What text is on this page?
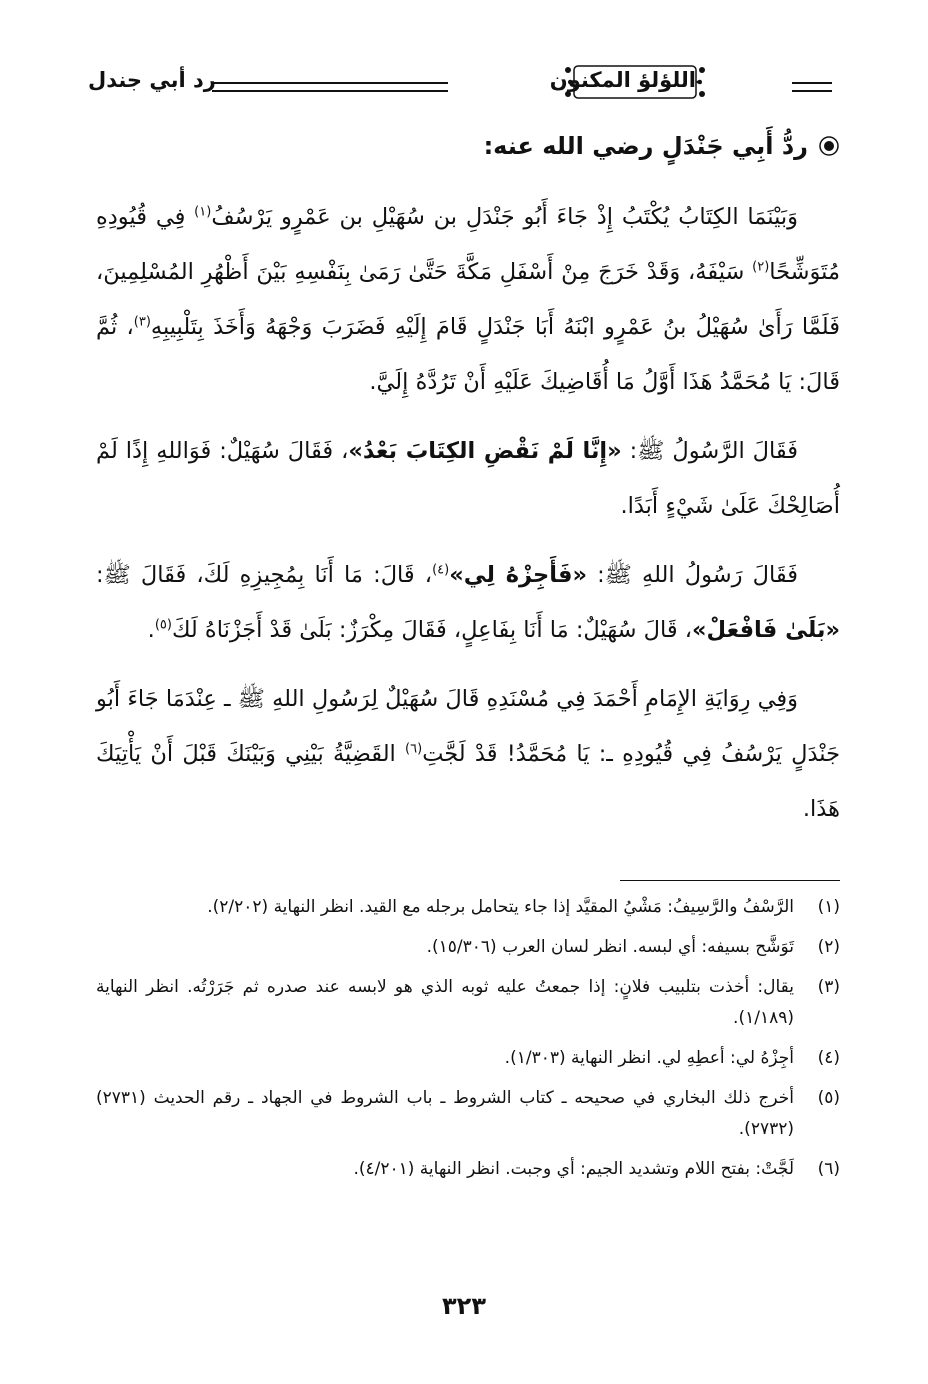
اللؤلؤ المكنون
رد أبي جندل
ردُّ أَبِي جَنْدَلٍ رضي الله عنه:

وَبَيْنَمَا الكِتَابُ يُكْتَبُ إِذْ جَاءَ أَبُو جَنْدَلِ بن سُهَيْلِ بن عَمْرٍو يَرْسُفُ$^{(١)}$ فِي قُيُودِهِ مُتَوَشِّحًا$^{(٢)}$ سَيْفَهُ، وَقَدْ خَرَجَ مِنْ أَسْفَلِ مَكَّةَ حَتَّىٰ رَمَىٰ بِنَفْسِهِ بَيْنَ أَظْهُرِ المُسْلِمِينَ، فَلَمَّا رَأَىٰ سُهَيْلُ بنُ عَمْرٍو ابْنَهُ أَبَا جَنْدَلٍ قَامَ إِلَيْهِ فَضَرَبَ وَجْهَهُ وَأَخَذَ بِتَلْبِيبِهِ$^{(٣)}$، ثُمَّ قَالَ: يَا مُحَمَّدُ هَذَا أَوَّلُ مَا أُقَاضِيكَ عَلَيْهِ أَنْ تَرُدَّهُ إِلَيَّ.

فَقَالَ الرَّسُولُ ﷺ: «إِنَّا لَمْ نَقْضِ الكِتَابَ بَعْدُ»، فَقَالَ سُهَيْلٌ: فَوَاللهِ إِذًا لَمْ أُصَالِحْكَ عَلَىٰ شَيْءٍ أَبَدًا.

فَقَالَ رَسُولُ اللهِ ﷺ: «فَأَجِزْهُ لِي»$^{(٤)}$، قَالَ: مَا أَنَا بِمُجِيزِهِ لَكَ، فَقَالَ ﷺ: «بَلَىٰ فَافْعَلْ»، قَالَ سُهَيْلٌ: مَا أَنَا بِفَاعِلٍ، فَقَالَ مِكْرَزٌ: بَلَىٰ قَدْ أَجَزْنَاهُ لَكَ$^{(٥)}$.

وَفِي رِوَايَةِ الإِمَامِ أَحْمَدَ فِي مُسْنَدِهِ قَالَ سُهَيْلٌ لِرَسُولِ اللهِ ﷺ ـ عِنْدَمَا جَاءَ أَبُو جَنْدَلٍ يَرْسُفُ فِي قُيُودِهِ ـ: يَا مُحَمَّدُ! قَدْ لَجَّتِ$^{(٦)}$ القَضِيَّةُ بَيْنِي وَبَيْنَكَ قَبْلَ أَنْ يَأْتِيَكَ هَذَا.

(١)
الرَّسْفُ والرَّسِيفُ: مَشْيُ المقيَّد إذا جاء يتحامل برجله مع القيد. انظر النهاية (٢/٢٠٢).
(٢)
تَوَشَّح بسيفه: أي لبسه. انظر لسان العرب (١٥/٣٠٦).
(٣)
يقال: أخذت بتلبيب فلانٍ: إذا جمعتُ عليه ثوبه الذي هو لابسه عند صدره ثم جَرَرْتُه. انظر النهاية (١/١٨٩).
(٤)
أجِزْهُ لي: أعطِهِ لي. انظر النهاية (١/٣٠٣).
(٥)
أخرج ذلك البخاري في صحيحه ـ كتاب الشروط ـ باب الشروط في الجهاد ـ رقم الحديث (٢٧٣١) (٢٧٣٢).
(٦)
لَجَّتْ: بفتح اللام وتشديد الجيم: أي وجبت. انظر النهاية (٤/٢٠١).
٣٢٣
